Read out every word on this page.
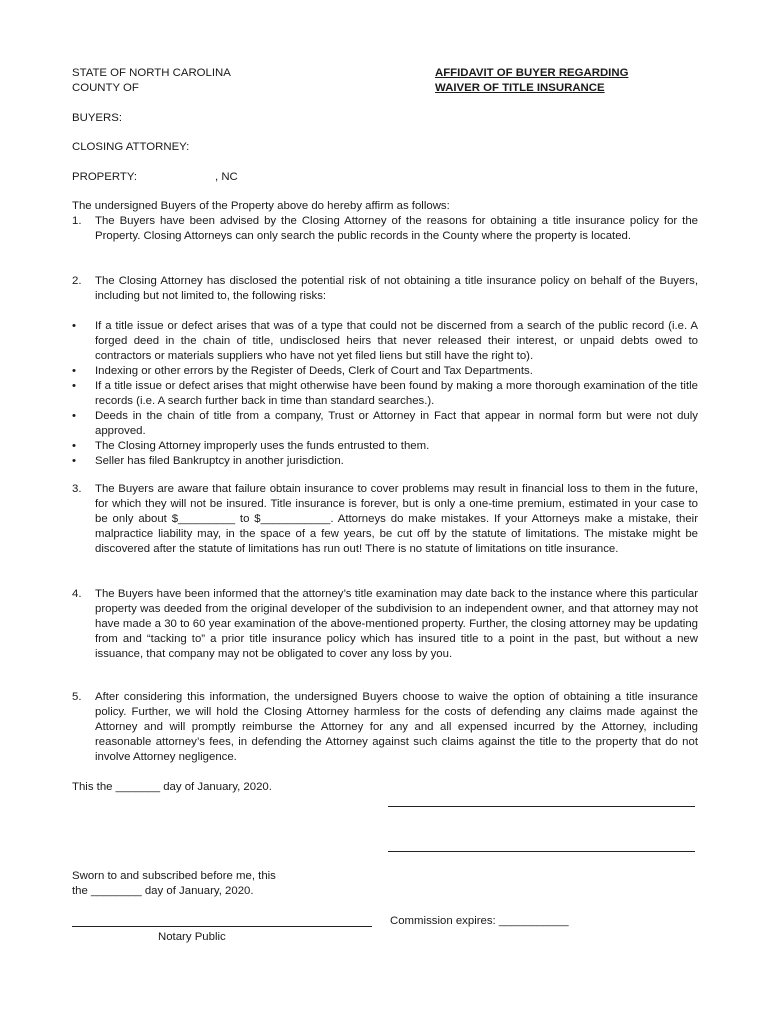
STATE OF NORTH CAROLINA
COUNTY OF
AFFIDAVIT OF BUYER REGARDING
WAIVER OF TITLE INSURANCE
BUYERS:
CLOSING ATTORNEY:
PROPERTY:	, NC
The undersigned Buyers of the Property above do hereby affirm as follows:
1. The Buyers have been advised by the Closing Attorney of the reasons for obtaining a title insurance policy for the Property. Closing Attorneys can only search the public records in the County where the property is located.
2. The Closing Attorney has disclosed the potential risk of not obtaining a title insurance policy on behalf of the Buyers, including but not limited to, the following risks:
• If a title issue or defect arises that was of a type that could not be discerned from a search of the public record (i.e. A forged deed in the chain of title, undisclosed heirs that never released their interest, or unpaid debts owed to contractors or materials suppliers who have not yet filed liens but still have the right to).
• Indexing or other errors by the Register of Deeds, Clerk of Court and Tax Departments.
• If a title issue or defect arises that might otherwise have been found by making a more thorough examination of the title records (i.e. A search further back in time than standard searches.).
• Deeds in the chain of title from a company, Trust or Attorney in Fact that appear in normal form but were not duly approved.
• The Closing Attorney improperly uses the funds entrusted to them.
• Seller has filed Bankruptcy in another jurisdiction.
3. The Buyers are aware that failure obtain insurance to cover problems may result in financial loss to them in the future, for which they will not be insured. Title insurance is forever, but is only a one-time premium, estimated in your case to be only about $_________ to $___________. Attorneys do make mistakes. If your Attorneys make a mistake, their malpractice liability may, in the space of a few years, be cut off by the statute of limitations. The mistake might be discovered after the statute of limitations has run out! There is no statute of limitations on title insurance.
4. The Buyers have been informed that the attorney’s title examination may date back to the instance where this particular property was deeded from the original developer of the subdivision to an independent owner, and that attorney may not have made a 30 to 60 year examination of the above-mentioned property. Further, the closing attorney may be updating from and “tacking to” a prior title insurance policy which has insured title to a point in the past, but without a new issuance, that company may not be obligated to cover any loss by you.
5. After considering this information, the undersigned Buyers choose to waive the option of obtaining a title insurance policy. Further, we will hold the Closing Attorney harmless for the costs of defending any claims made against the Attorney and will promptly reimburse the Attorney for any and all expensed incurred by the Attorney, including reasonable attorney’s fees, in defending the Attorney against such claims against the title to the property that do not involve Attorney negligence.
This the _______ day of January, 2020.
Sworn to and subscribed before me, this
the ________ day of January, 2020.
Notary Public
Commission expires: ___________
